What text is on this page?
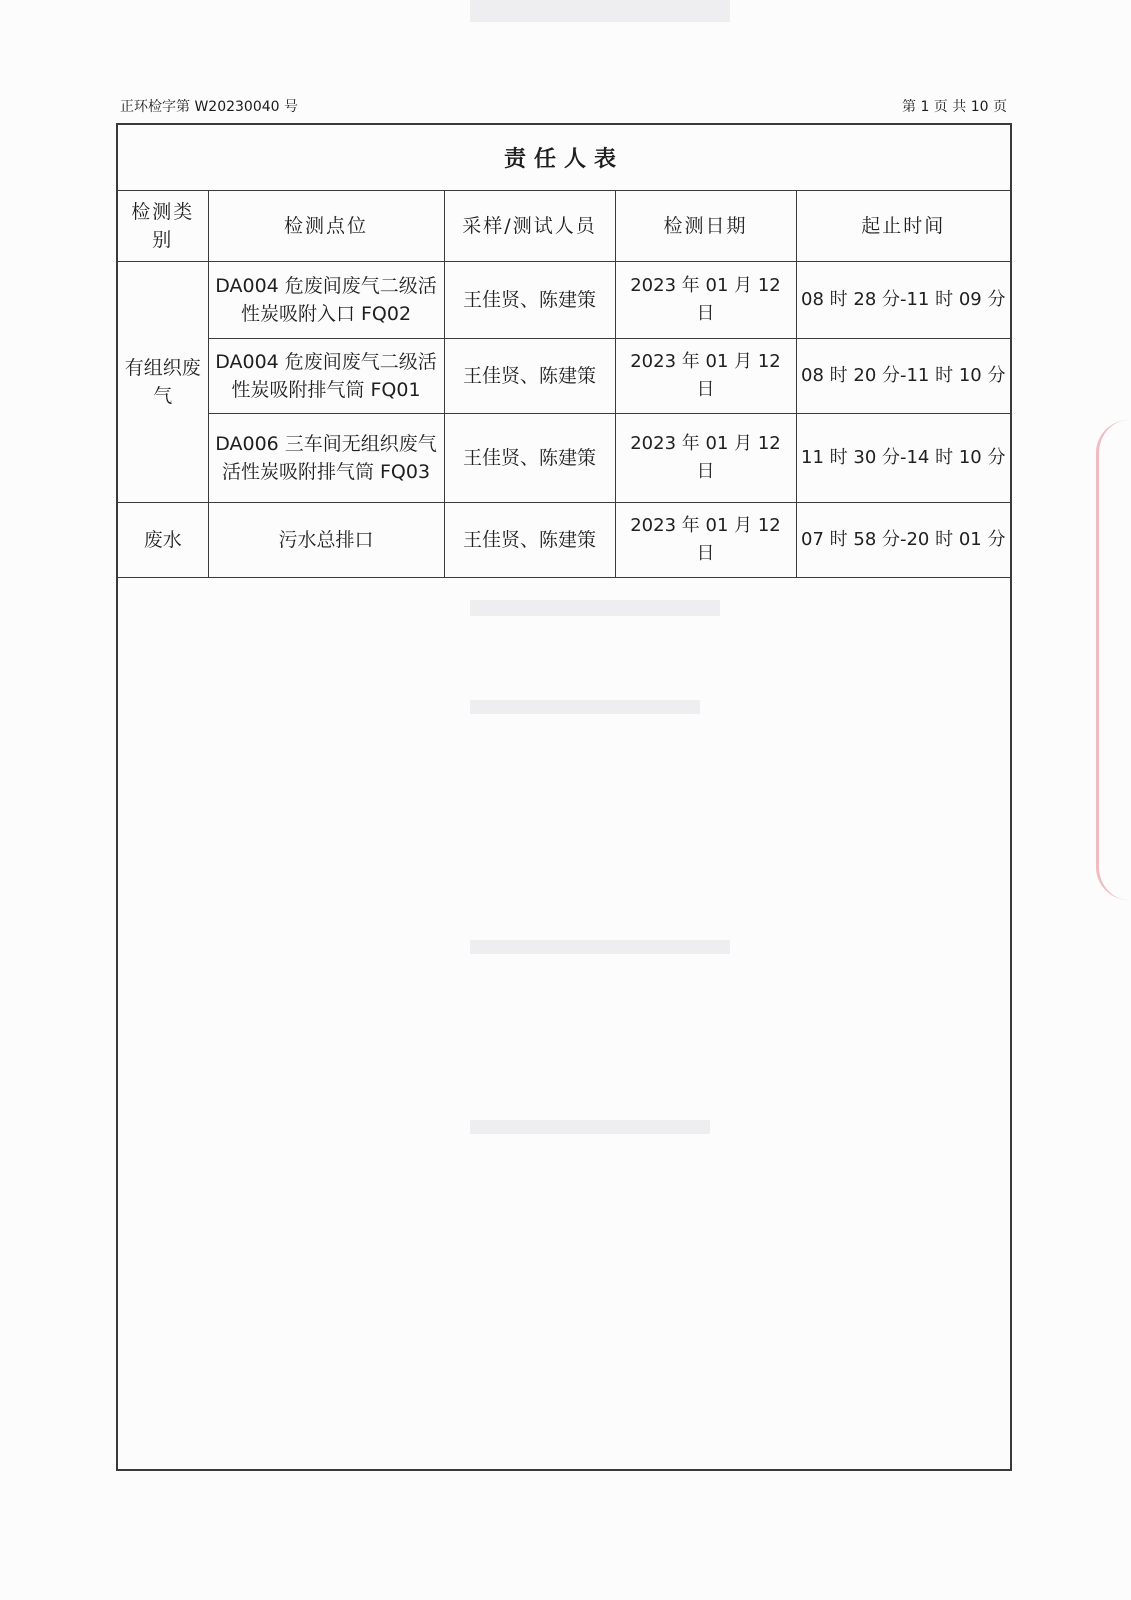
正环检字第 W20230040 号	第 1 页 共 10 页
责任人表
检测类别	检测点位	采样/测试人员	检测日期	起止时间
有组织废气	DA004 危废间废气二级活性炭吸附入口 FQ02	王佳贤、陈建策	2023 年 01 月 12 日	08 时 28 分-11 时 09 分
	DA004 危废间废气二级活性炭吸附排气筒 FQ01	王佳贤、陈建策	2023 年 01 月 12 日	08 时 20 分-11 时 10 分
	DA006 三车间无组织废气活性炭吸附排气筒 FQ03	王佳贤、陈建策	2023 年 01 月 12 日	11 时 30 分-14 时 10 分
废水	污水总排口	王佳贤、陈建策	2023 年 01 月 12 日	07 时 58 分-20 时 01 分
